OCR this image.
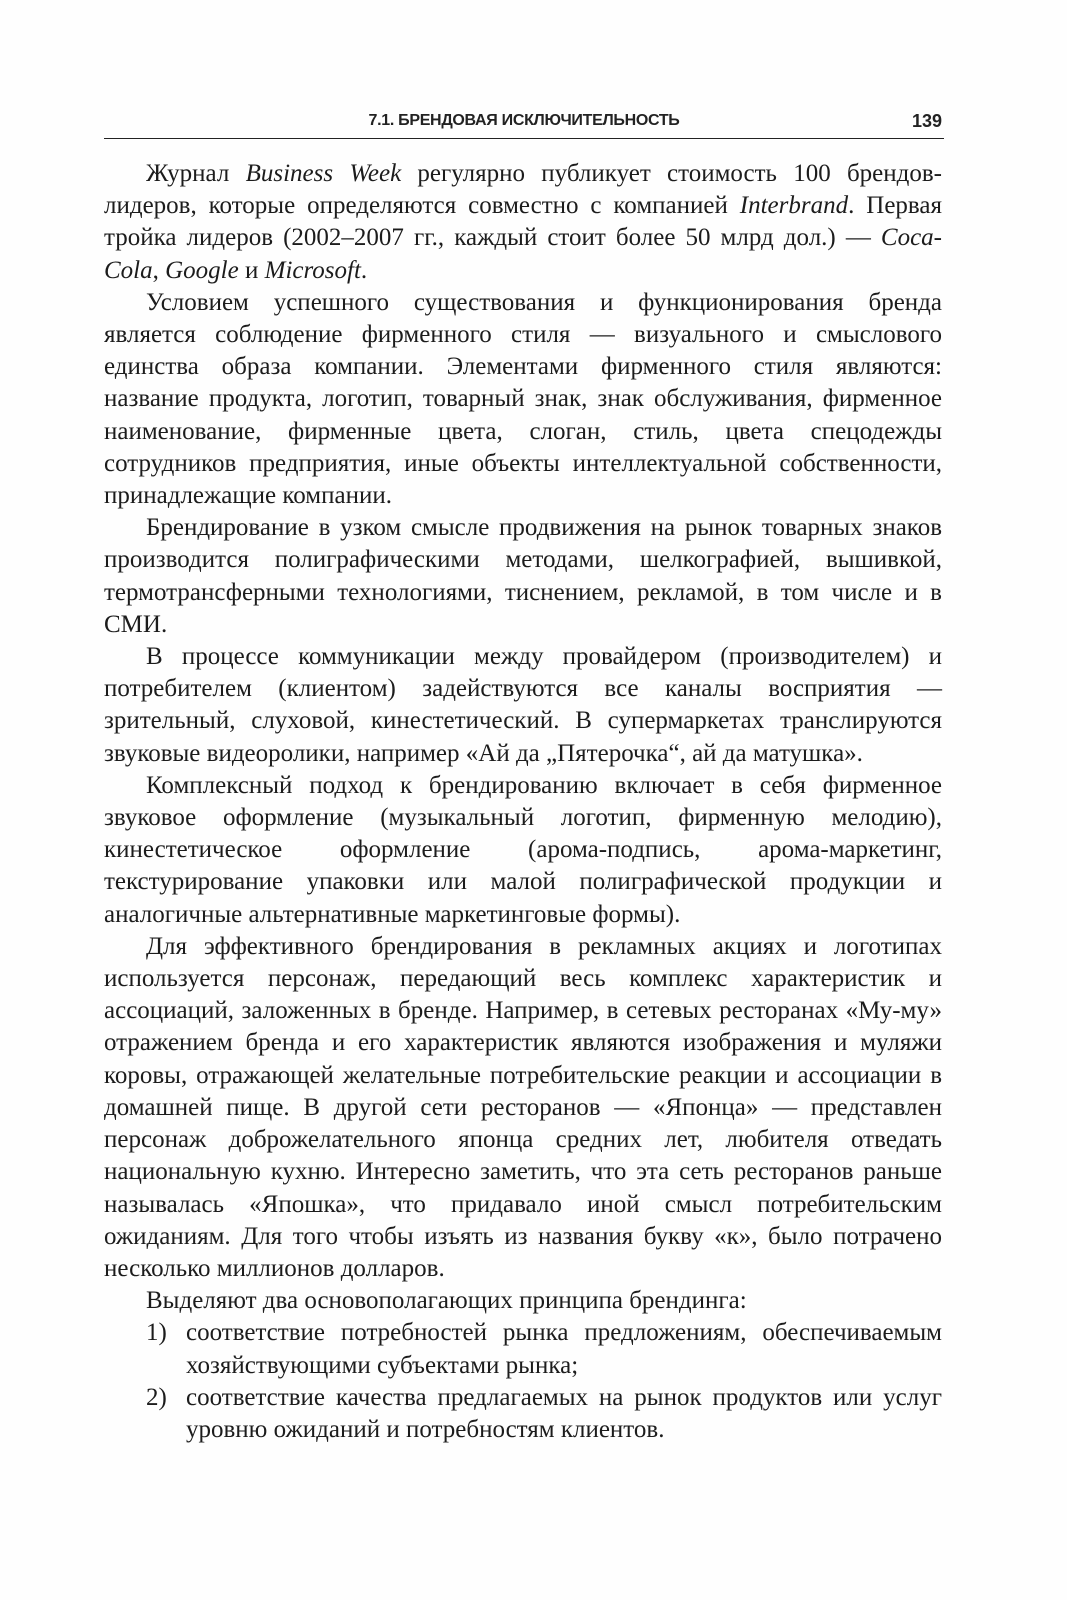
7.1. БРЕНДОВАЯ ИСКЛЮЧИТЕЛЬНОСТЬ	139

Журнал Business Week регулярно публикует стоимость 100 брендов-лидеров, которые определяются совместно с компанией Interbrand. Первая тройка лидеров (2002–2007 гг., каждый стоит более 50 млрд дол.) — Coca-Cola, Google и Microsoft.

Условием успешного существования и функционирования бренда является соблюдение фирменного стиля — визуального и смыслового единства образа компании. Элементами фирменного стиля являются: название продукта, логотип, товарный знак, знак обслуживания, фирменное наименование, фирменные цвета, слоган, стиль, цвета спецодежды сотрудников предприятия, иные объекты интеллектуальной собственности, принадлежащие компании.

Брендирование в узком смысле продвижения на рынок товарных знаков производится полиграфическими методами, шелкографией, вышивкой, термотрансферными технологиями, тиснением, рекламой, в том числе и в СМИ.

В процессе коммуникации между провайдером (производителем) и потребителем (клиентом) задействуются все каналы восприятия — зрительный, слуховой, кинестетический. В супермаркетах транслируются звуковые видеоролики, например «Ай да „Пятерочка“, ай да матушка».

Комплексный подход к брендированию включает в себя фирменное звуковое оформление (музыкальный логотип, фирменную мелодию), кинестетическое оформление (арома-подпись, арома-маркетинг, текстурирование упаковки или малой полиграфической продукции и аналогичные альтернативные маркетинговые формы).

Для эффективного брендирования в рекламных акциях и логотипах используется персонаж, передающий весь комплекс характеристик и ассоциаций, заложенных в бренде. Например, в сетевых ресторанах «Му-му» отражением бренда и его характеристик являются изображения и муляжи коровы, отражающей желательные потребительские реакции и ассоциации в домашней пище. В другой сети ресторанов — «Японца» — представлен персонаж доброжелательного японца средних лет, любителя отведать национальную кухню. Интересно заметить, что эта сеть ресторанов раньше называлась «Япошка», что придавало иной смысл потребительским ожиданиям. Для того чтобы изъять из названия букву «к», было потрачено несколько миллионов долларов.

Выделяют два основополагающих принципа брендинга:

1) соответствие потребностей рынка предложениям, обеспечиваемым хозяйствующими субъектами рынка;
2) соответствие качества предлагаемых на рынок продуктов или услуг уровню ожиданий и потребностям клиентов.
